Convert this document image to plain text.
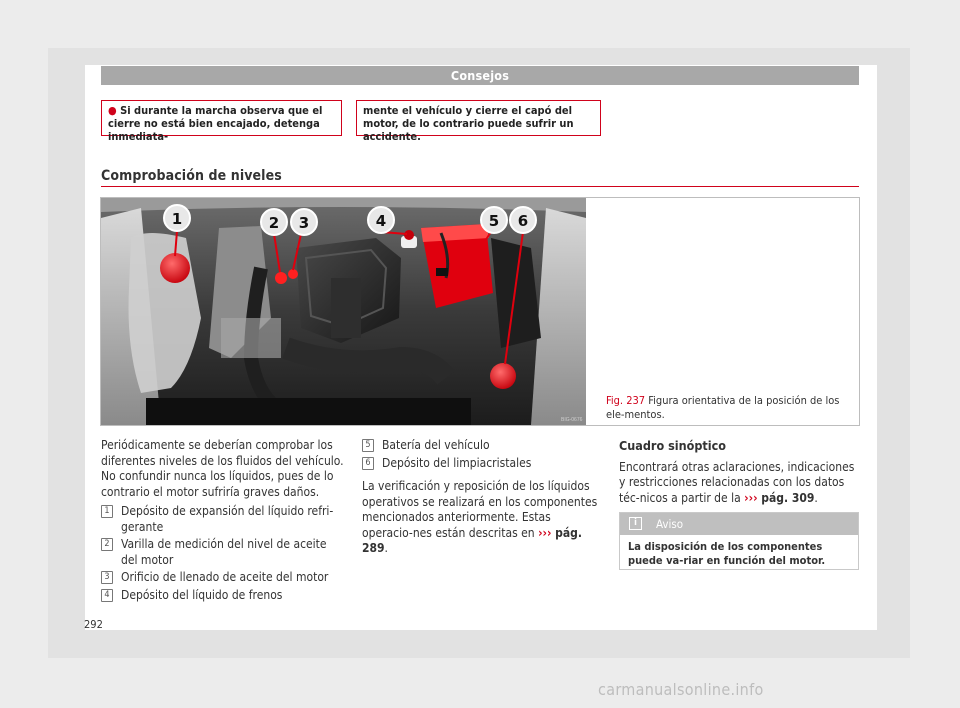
Consejos
● Si durante la marcha observa que el cierre no está bien encajado, detenga inmediata-
mente el vehículo y cierre el capó del motor, de lo contrario puede sufrir un accidente.
Comprobación de niveles
BIG-0676
1	2 3	4	5 6
Fig. 237 Figura orientativa de la posición de los ele-mentos.
Periódicamente se deberían comprobar los diferentes niveles de los fluidos del vehículo. No confundir nunca los líquidos, pues de lo contrario el motor sufriría graves daños.
1 Depósito de expansión del líquido refri-gerante
2 Varilla de medición del nivel de aceite del motor
3 Orificio de llenado de aceite del motor
4 Depósito del líquido de frenos
5 Batería del vehículo
6 Depósito del limpiacristales
La verificación y reposición de los líquidos operativos se realizará en los componentes mencionados anteriormente. Estas operacio-nes están descritas en ››› pág. 289.
Cuadro sinóptico
Encontrará otras aclaraciones, indicaciones y restricciones relacionadas con los datos téc-nicos a partir de la ››› pág. 309.
i	Aviso
La disposición de los componentes puede va-riar en función del motor.
292
carmanualsonline.info
